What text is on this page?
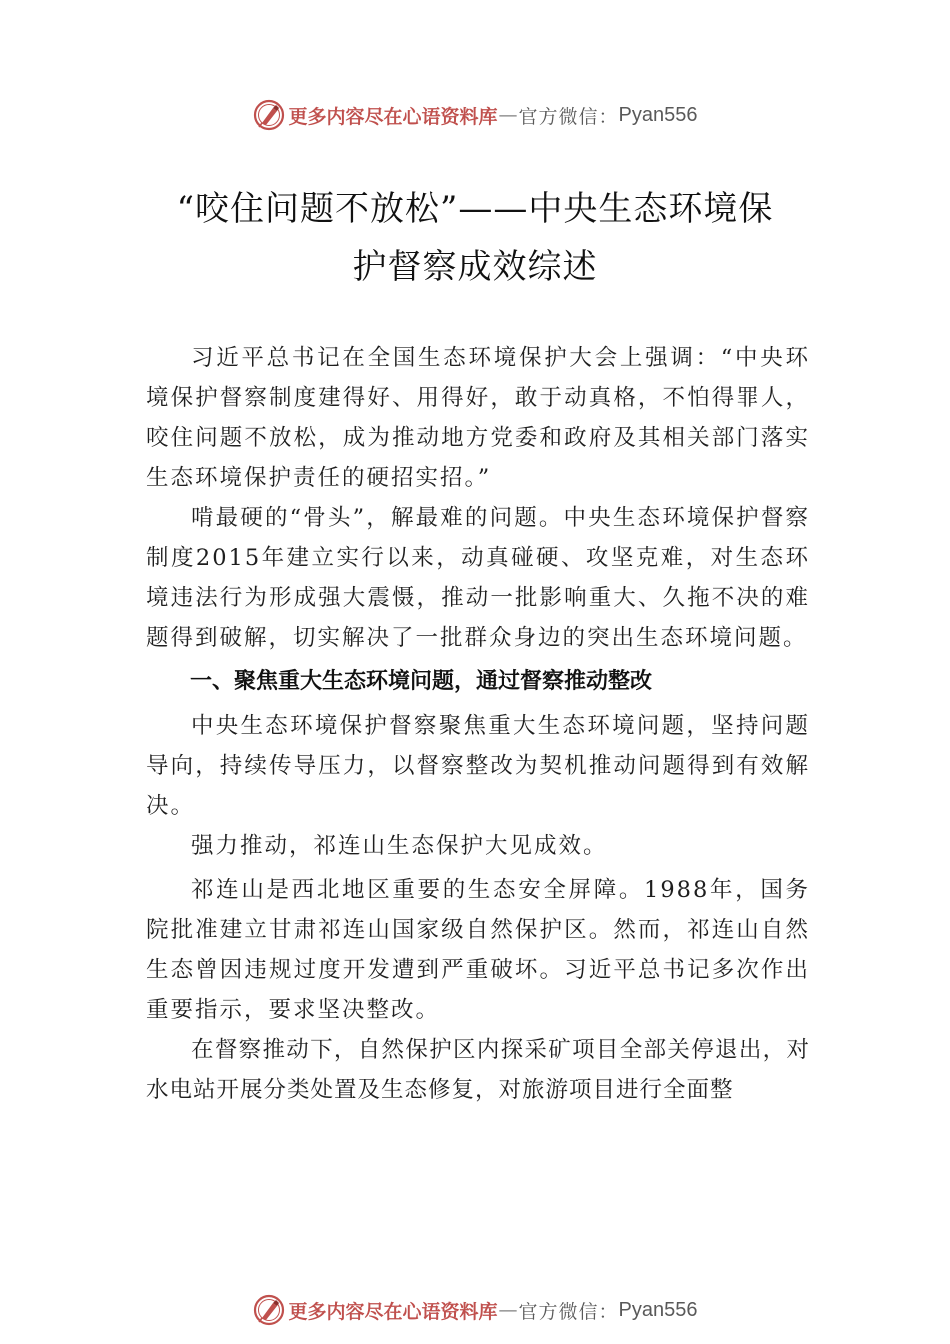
更多内容尽在心语资料库 — 官方微信： Pyan556
“咬住问题不放松”——中央生态环境保
护督察成效综述

习近平总书记在全国生态环境保护大会上强调：“中央环境保护督察制度建得好、用得好，敢于动真格，不怕得罪人，咬住问题不放松，成为推动地方党委和政府及其相关部门落实生态环境保护责任的硬招实招。”

啃最硬的“骨头”，解最难的问题。中央生态环境保护督察制度2015年建立实行以来，动真碰硬、攻坚克难，对生态环境违法行为形成强大震慑，推动一批影响重大、久拖不决的难题得到破解，切实解决了一批群众身边的突出生态环境问题。

一、聚焦重大生态环境问题，通过督察推动整改

中央生态环境保护督察聚焦重大生态环境问题，坚持问题导向，持续传导压力，以督察整改为契机推动问题得到有效解决。

强力推动，祁连山生态保护大见成效。

祁连山是西北地区重要的生态安全屏障。1988年，国务院批准建立甘肃祁连山国家级自然保护区。然而，祁连山自然生态曾因违规过度开发遭到严重破坏。习近平总书记多次作出重要指示，要求坚决整改。

在督察推动下，自然保护区内探采矿项目全部关停退出，对水电站开展分类处置及生态修复，对旅游项目进行全面整

更多内容尽在心语资料库 — 官方微信： Pyan556
